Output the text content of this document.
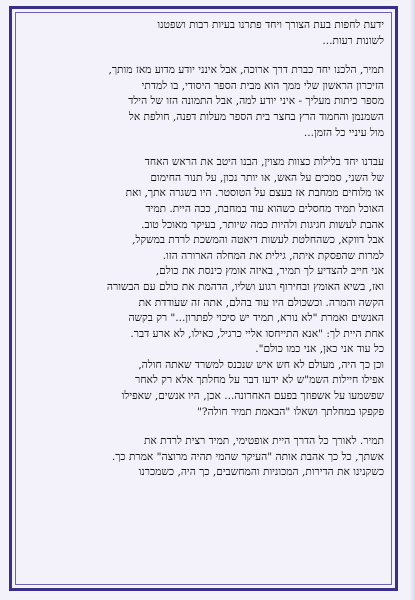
ידעת לחפות בעת הצורך ויחד פתרנו בעיות רבות ושפטנו
לשונות רעות...
תמיר, הלכנו יחד כברת דרך ארוכה, אבל אינני יודע מדוע מאז מותך,
הזיכרון הראשון שלי ממך הוא מבית הספר היסודי, בו למדתי
מספר כיתות מעליך - איני יודע למה, אבל התמונה הזו של הילד
השמנמן והחמוד הרץ בחצר בית הספר מעלות דפנה, חולפת אל
מול עיניי כל הזמן...
עבדנו יחד בלילות כצוות מצוין, הבנו היטב את הראש האחד
של השני, סמכים על האש, או יותר נכון, על תנור החימום
או מלוחים ממחבת אז בעצם על הטוסטר. היו בשגרה אתך, ואת
האוכל תמיד מחסלים כשהוא עוד במחבת, ככה היית. תמיד
אהבת לעשות חגיגות ולהיות כמה שיותר, בעיקר מאוכל טוב.
אבל דווקא, כשהחלטת לעשות דיאטה והמשכת לרדת במשקל,
למרות שהפסקת איתה, גילית את המחלה הארורה הזו.
אני חייב להצדיע לך תמיר, באיזה אומץ כינסת את כולם,
ואז, בשיא האומץ ובחירוף רגוע ושליו, הדהמת את כולם עם הבשורה
הקשה והמרה. וכשכולם היו עוד בהלם, אתה זה שעודדת את
האנשים ואמרת "לא נורא, תמיד יש סיכוי לפתרון..." רק בקשה
אחת היית לך: "אנא התייחסו אליי כרגיל, כאילו, לא ארע דבר.
כל עוד אני כאן, אני כמו כולם".
וכן כך היה, מעולם לא חש איש שנכנס למשרד שאתה חולה,
אפילו חיילות השמ"ש לא ידעו דבר על מחלתך אלא רק לאחר
שפשמעו על אשפוזך בפעם האחרונה... אכן, היו אנשים, שאפילו
פקפקו במחלתך ושאלו "הבאמת תמיר חולה?"
תמיר. לאורך כל הדרך היית אופטימי, תמיד רצית לרדת את
אשתך, כל כך אהבת אותה "העיקר שהמי תהיה מרוצה" אמרת כך.
כשקנינו את הדירות, המכוניות והמחשבים, כך היה, כשמכרנו
